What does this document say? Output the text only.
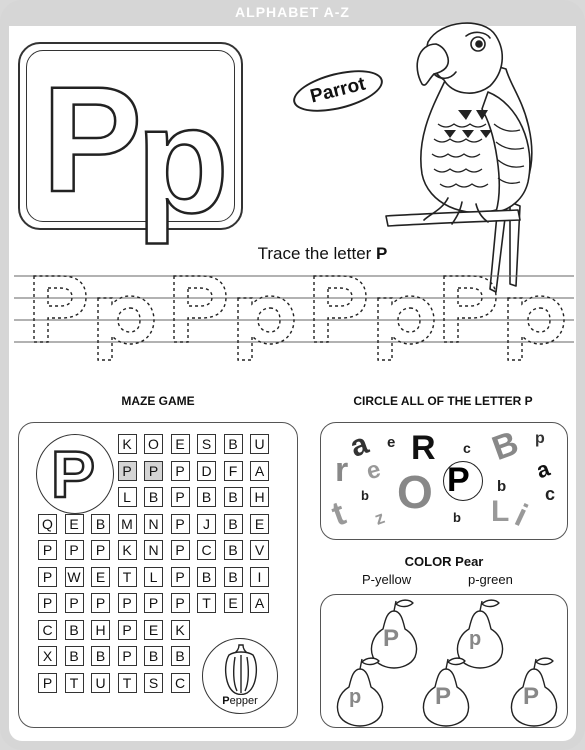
ALPHABET A-Z
P
p	Parrot
Trace the letter P
MAZE GAME	CIRCLE ALL OF THE LETTER P
P	K	O	E	S	B	U
P	P	P	D	F	A
L	B	P	B	B	H
Q	E	B	M	N	P	J	B	E
P	P	P	K	N	P	C	B	V
P	W	E	T	L	P	B	B	I
P	P	P	P	P	P	T	E	A
C	B	H	P	E	K
X	B	B	P	B	B
P	T	U	T	S	C
Pepper
a e R c B p
r e O P	a
b
b	c
t z	b L i
COLOR Pear
P-yellow	p-green
P	p
p	P	P
